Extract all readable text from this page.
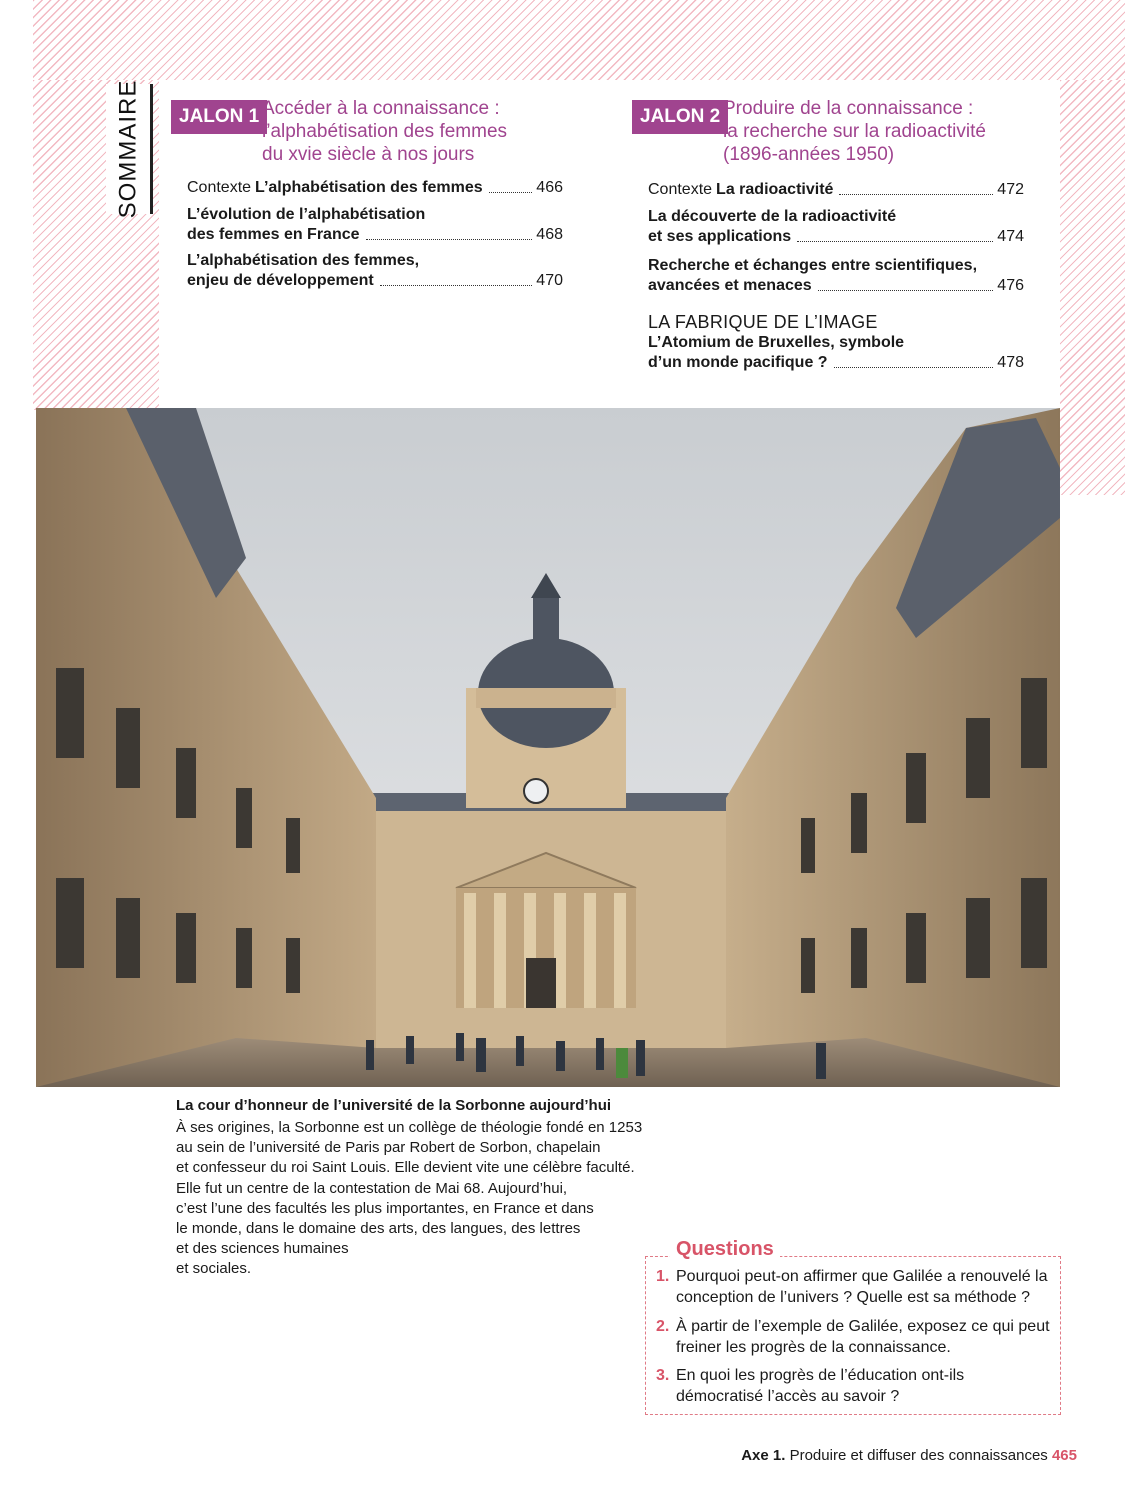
SOMMAIRE	JALON 1 Accéder à la connaissance :
l’alphabétisation des femmes
du xvie siècle à nos jours
Contexte L’alphabétisation des femmes	466
L’évolution de l’alphabétisation
des femmes en France	468
L’alphabétisation des femmes,
enjeu de développement	470
JALON 2 Produire de la connaissance :
la recherche sur la radioactivité
(1896-années 1950)
Contexte La radioactivité	472
La découverte de la radioactivité
et ses applications	474
Recherche et échanges entre scientifiques,
avancées et menaces	476
LA FABRIQUE DE L’IMAGE
L’Atomium de Bruxelles, symbole
d’un monde pacifique ?	478
La cour d’honneur de l’université de la Sorbonne aujourd’hui
À ses origines, la Sorbonne est un collège de théologie fondé en 1253
au sein de l’université de Paris par Robert de Sorbon, chapelain
et confesseur du roi Saint Louis. Elle devient vite une célèbre faculté.
Elle fut un centre de la contestation de Mai 68. Aujourd’hui,
c’est l’une des facultés les plus importantes, en France et dans
le monde, dans le domaine des arts, des langues, des lettres
et des sciences humaines
et sociales.
Questions
1. Pourquoi peut-on affirmer que Galilée a renouvelé la conception de l’univers ? Quelle est sa méthode ?
2. À partir de l’exemple de Galilée, exposez ce qui peut freiner les progrès de la connaissance.
3. En quoi les progrès de l’éducation ont-ils démocratisé l’accès au savoir ?
Axe 1. Produire et diffuser des connaissances 465
